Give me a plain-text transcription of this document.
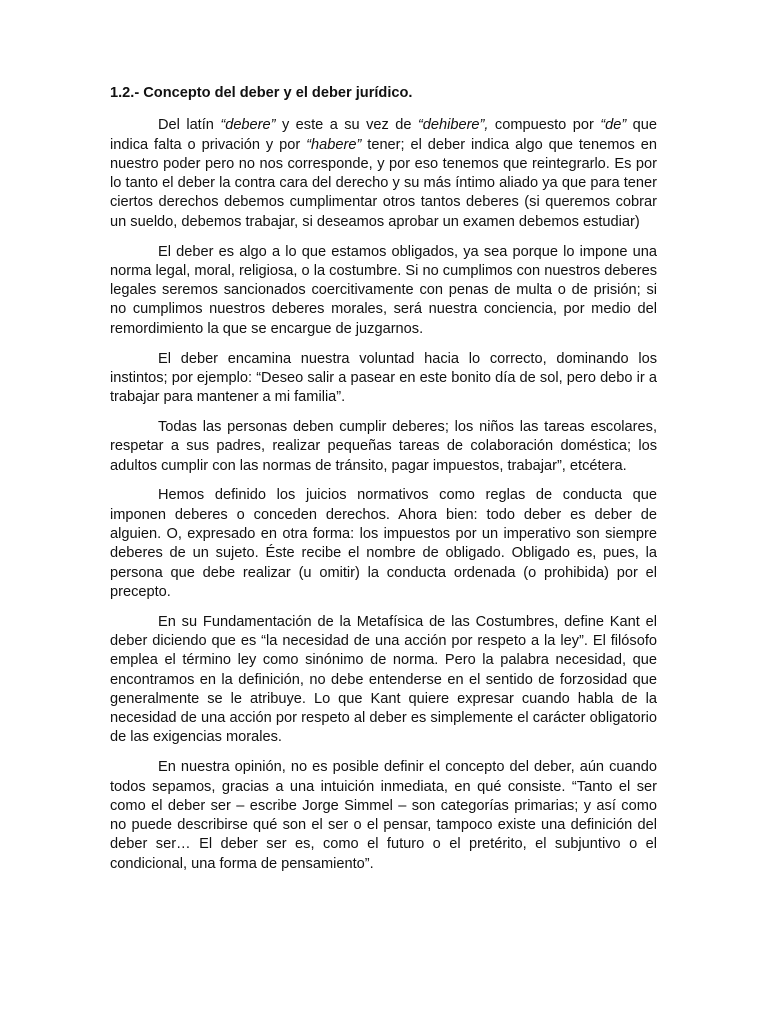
1.2.- Concepto del deber y el deber jurídico.

Del latín “debere” y este a su vez de “dehibere”, compuesto por “de” que indica falta o privación y por “habere” tener; el deber indica algo que tenemos en nuestro poder pero no nos corresponde, y por eso tenemos que reintegrarlo. Es por lo tanto el deber la contra cara del derecho y su más íntimo aliado ya que para tener ciertos derechos debemos cumplimentar otros tantos deberes (si queremos cobrar un sueldo, debemos trabajar, si deseamos aprobar un examen debemos estudiar)

El deber es algo a lo que estamos obligados, ya sea porque lo impone una norma legal, moral, religiosa, o la costumbre. Si no cumplimos con nuestros deberes legales seremos sancionados coercitivamente con penas de multa o de prisión; si no cumplimos nuestros deberes morales, será nuestra conciencia, por medio del remordimiento la que se encargue de juzgarnos.

El deber encamina nuestra voluntad hacia lo correcto, dominando los instintos; por ejemplo: “Deseo salir a pasear en este bonito día de sol, pero debo ir a trabajar para mantener a mi familia”.

Todas las personas deben cumplir deberes; los niños las tareas escolares, respetar a sus padres, realizar pequeñas tareas de colaboración doméstica; los adultos cumplir con las normas de tránsito, pagar impuestos, trabajar”, etcétera.

Hemos definido los juicios normativos como reglas de conducta que imponen deberes o conceden derechos. Ahora bien: todo deber es deber de alguien. O, expresado en otra forma: los impuestos por un imperativo son siempre deberes de un sujeto. Éste recibe el nombre de obligado. Obligado es, pues, la persona que debe realizar (u omitir) la conducta ordenada (o prohibida) por el precepto.

En su Fundamentación de la Metafísica de las Costumbres, define Kant el deber diciendo que es “la necesidad de una acción por respeto a la ley”. El filósofo emplea el término ley como sinónimo de norma. Pero la palabra necesidad, que encontramos en la definición, no debe entenderse en el sentido de forzosidad que generalmente se le atribuye. Lo que Kant quiere expresar cuando habla de la necesidad de una acción por respeto al deber es simplemente el carácter obligatorio de las exigencias morales.

En nuestra opinión, no es posible definir el concepto del deber, aún cuando todos sepamos, gracias a una intuición inmediata, en qué consiste. “Tanto el ser como el deber ser – escribe Jorge Simmel – son categorías primarias; y así como no puede describirse qué son el ser o el pensar, tampoco existe una definición del deber ser… El deber ser es, como el futuro o el pretérito, el subjuntivo o el condicional, una forma de pensamiento”.
